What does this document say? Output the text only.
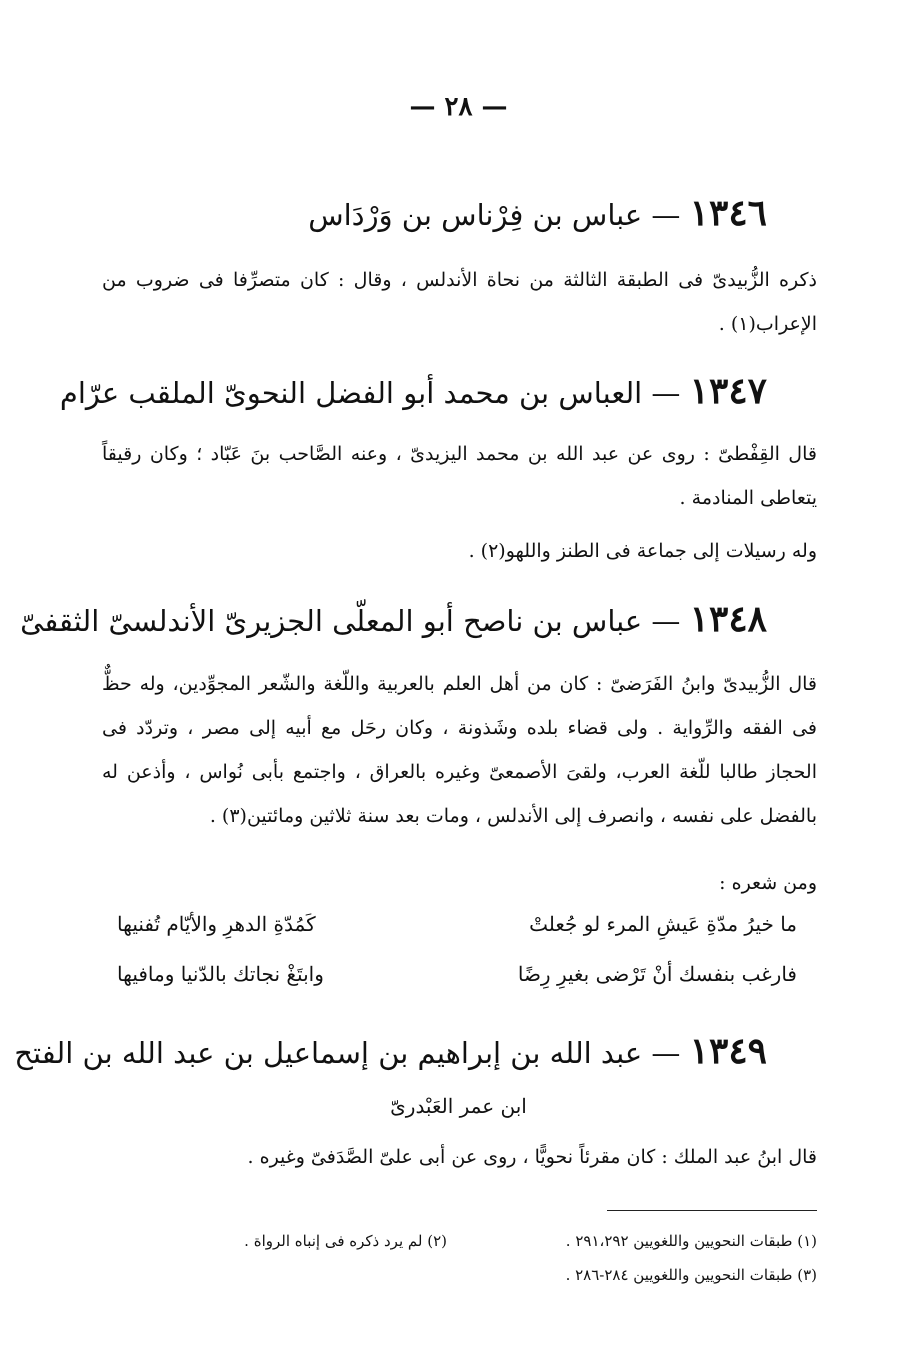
— ٢٨ —
١٣٤٦ — عباس بن فِرْناس بن وَرْدَاس
ذكره الزُّبيدىّ فى الطبقة الثالثة من نحاة الأندلس ، وقال : كان متصرِّفا فى ضروب من الإعراب(١) .
١٣٤٧ — العباس بن محمد أبو الفضل النحوىّ الملقب عرّام
قال القِفْطىّ : روى عن عبد الله بن محمد اليزيدىّ ، وعنه الصَّاحب بنَ عَبّاد ؛ وكان رقيقاً يتعاطى المنادمة .
وله رسيلات إلى جماعة فى الطنز واللهو(٢) .
١٣٤٨ — عباس بن ناصح أبو المعلّى الجزيرىّ الأندلسىّ الثقفىّ
قال الزُّبيدىّ وابنُ الفَرَضىّ : كان من أهل العلم بالعربية واللّغة والشّعر المجوِّدين، وله حظٌّ فى الفقه والرِّواية . ولى قضاء بلده وشَذونة ، وكان رحَل مع أبيه إلى مصر ، وتردّد فى الحجاز طالبا للّغة العرب، ولقىَ الأصمعىّ وغيره بالعراق ، واجتمع بأبى نُواس ، وأذعن له بالفضل على نفسه ، وانصرف إلى الأندلس ، ومات بعد سنة ثلاثين ومائتين(٣) .
ومن شعره :
ما خيرُ مدّةِ عَيشِ المرء لو جُعلتْ
كَمُدّةِ الدهرِ والأيّام تُفنيها
فارغب بنفسك أنْ تَرْضى بغيرِ رِضًا
وابتَغْ نجاتك بالدّنيا ومافيها
١٣٤٩ — عبد الله بن إبراهيم بن إسماعيل بن عبد الله بن الفتح
ابن عمر العَبْدرىّ
قال ابنُ عبد الملك : كان مقرئاً نحويًّا ، روى عن أبى علىّ الصَّدَفىّ وغيره .
(١) طبقات النحويين واللغويين ٢٩١،٢٩٢ .
(٢) لم يرد ذكره فى إنباه الرواة .
(٣) طبقات النحويين واللغويين ٢٨٤-٢٨٦ .
